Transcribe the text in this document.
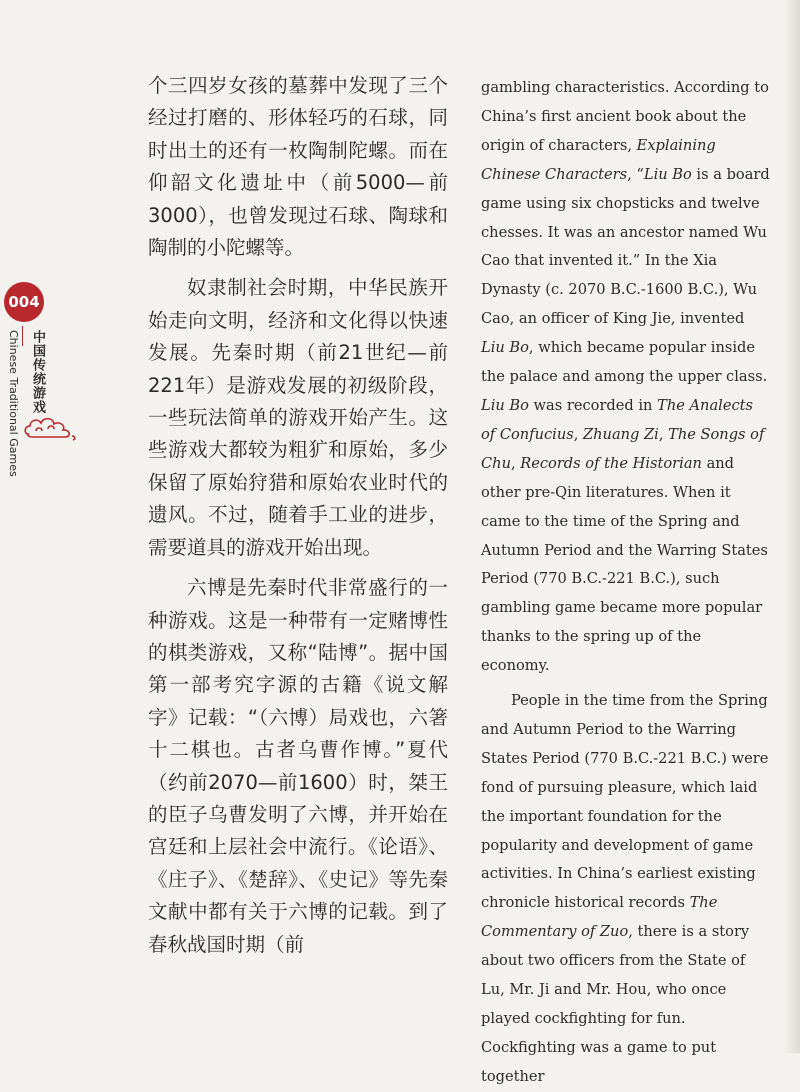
004
中国传统游戏
Chinese Traditional Games

个三四岁女孩的墓葬中发现了三个经过打磨的、形体轻巧的石球，同时出土的还有一枚陶制陀螺。而在仰韶文化遗址中（前5000—前3000），也曾发现过石球、陶球和陶制的小陀螺等。

奴隶制社会时期，中华民族开始走向文明，经济和文化得以快速发展。先秦时期（前21世纪—前221年）是游戏发展的初级阶段，一些玩法简单的游戏开始产生。这些游戏大都较为粗犷和原始，多少保留了原始狩猎和原始农业时代的遗风。不过，随着手工业的进步，需要道具的游戏开始出现。

六博是先秦时代非常盛行的一种游戏。这是一种带有一定赌博性的棋类游戏，又称“陆博”。据中国第一部考究字源的古籍《说文解字》记载：“（六博）局戏也，六箸十二棋也。古者乌曹作博。”夏代（约前2070—前1600）时，桀王的臣子乌曹发明了六博，并开始在宫廷和上层社会中流行。《论语》、《庄子》、《楚辞》、《史记》等先秦文献中都有关于六博的记载。到了春秋战国时期（前

gambling characteristics. According to China’s first ancient book about the origin of characters, Explaining Chinese Characters, “Liu Bo is a board game using six chopsticks and twelve chesses. It was an ancestor named Wu Cao that invented it.” In the Xia Dynasty (c. 2070 B.C.-1600 B.C.), Wu Cao, an officer of King Jie, invented Liu Bo, which became popular inside the palace and among the upper class. Liu Bo was recorded in The Analects of Confucius, Zhuang Zi, The Songs of Chu, Records of the Historian and other pre-Qin literatures. When it came to the time of the Spring and Autumn Period and the Warring States Period (770 B.C.-221 B.C.), such gambling game became more popular thanks to the spring up of the economy.

People in the time from the Spring and Autumn Period to the Warring States Period (770 B.C.-221 B.C.) were fond of pursuing pleasure, which laid the important foundation for the popularity and development of game activities. In China’s earliest existing chronicle historical records The Commentary of Zuo, there is a story about two officers from the State of Lu, Mr. Ji and Mr. Hou, who once played cockfighting for fun. Cockfighting was a game to put together
